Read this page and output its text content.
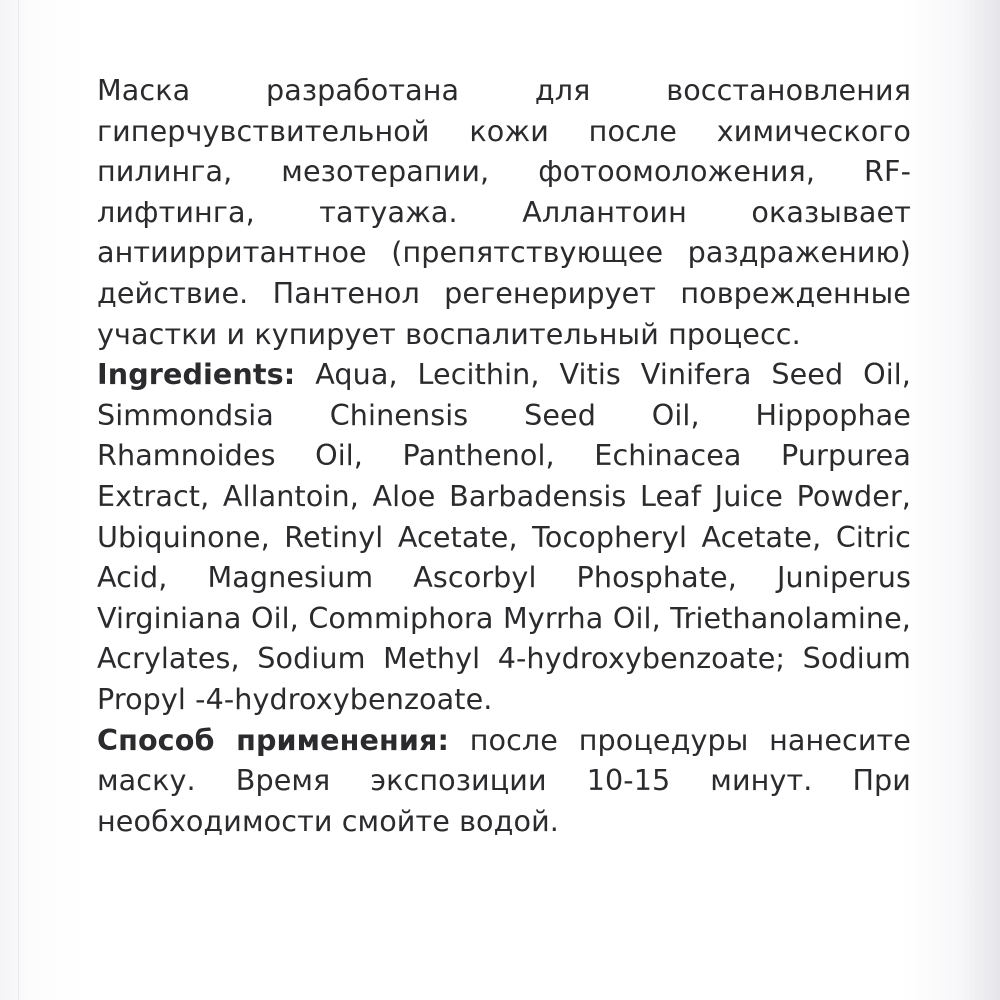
Маска разработана для восстановления гиперчувствительной кожи после химического пилинга, мезотерапии, фотоомоложения, RF-лифтинга, татуажа. Аллантоин оказывает антиирритантное (препятствующее раздражению) действие. Пантенол регенерирует поврежденные участки и купирует воспалительный процесс.

Ingredients: Aqua, Lecithin, Vitis Vinifera Seed Oil, Simmondsia Chinensis Seed Oil, Hippophae Rhamnoides Oil, Panthenol, Echinacea Purpurea Extract, Allantoin, Aloe Barbadensis Leaf Juice Powder, Ubiquinone, Retinyl Acetate, Tocopheryl Acetate, Citric Acid, Magnesium Ascorbyl Phosphate, Juniperus Virginiana Oil, Commiphora Myrrha Oil, Triethanolamine, Acrylates, Sodium Methyl 4-hydroxybenzoate; Sodium Propyl -4-hydroxybenzoate.

Способ применения: после процедуры нанесите маску. Время экспозиции 10-15 минут. При необходимости смойте водой.
